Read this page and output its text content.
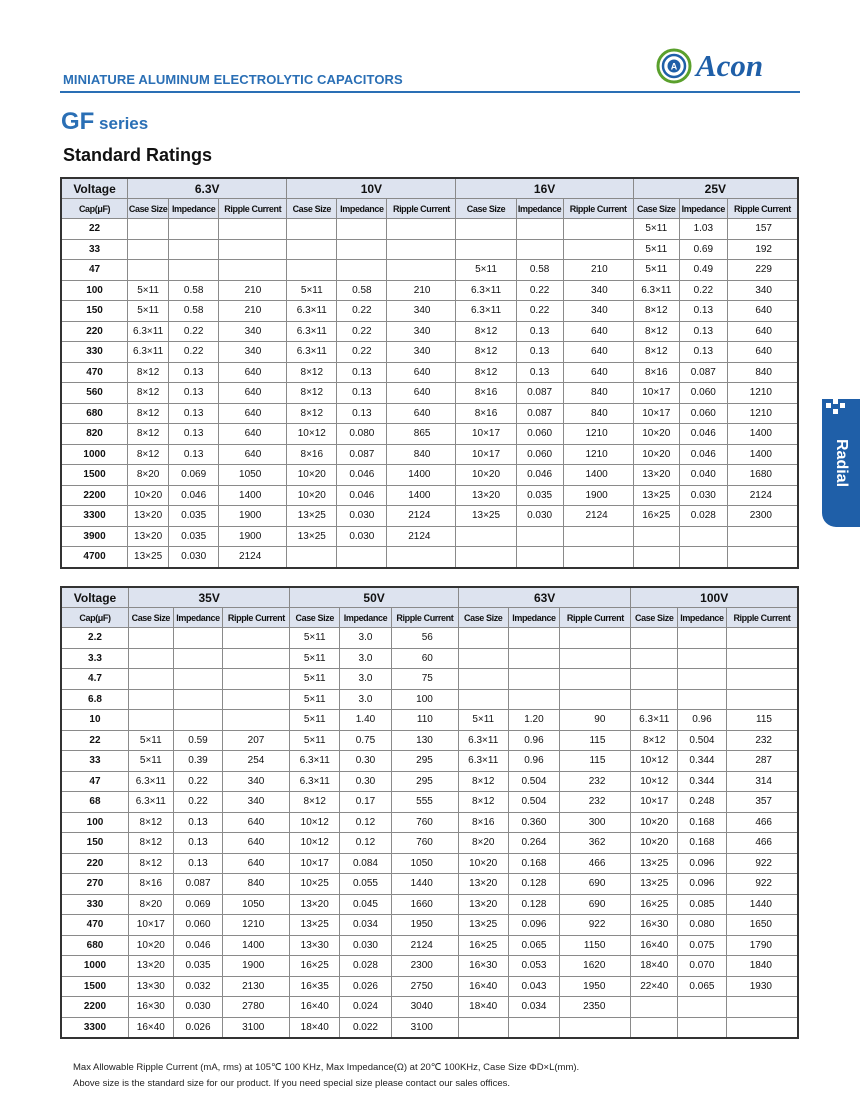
MINIATURE ALUMINUM ELECTROLYTIC CAPACITORS
A Acon
GF series
Standard Ratings
Voltage	6.3V			10V			16V			25V		
Cap(μF)	Case Size	Impedance	Ripple Current	Case Size	Impedance	Ripple Current	Case Size	Impedance	Ripple Current	Case Size	Impedance	Ripple Current
22										5×11	1.03	157
33										5×11	0.69	192
47							5×11	0.58	210	5×11	0.49	229
100	5×11	0.58	210	5×11	0.58	210	6.3×11	0.22	340	6.3×11	0.22	340
150	5×11	0.58	210	6.3×11	0.22	340	6.3×11	0.22	340	8×12	0.13	640
220	6.3×11	0.22	340	6.3×11	0.22	340	8×12	0.13	640	8×12	0.13	640
330	6.3×11	0.22	340	6.3×11	0.22	340	8×12	0.13	640	8×12	0.13	640
470	8×12	0.13	640	8×12	0.13	640	8×12	0.13	640	8×16	0.087	840
560	8×12	0.13	640	8×12	0.13	640	8×16	0.087	840	10×17	0.060	1210
680	8×12	0.13	640	8×12	0.13	640	8×16	0.087	840	10×17	0.060	1210
820	8×12	0.13	640	10×12	0.080	865	10×17	0.060	1210	10×20	0.046	1400
1000	8×12	0.13	640	8×16	0.087	840	10×17	0.060	1210	10×20	0.046	1400
1500	8×20	0.069	1050	10×20	0.046	1400	10×20	0.046	1400	13×20	0.040	1680
2200	10×20	0.046	1400	10×20	0.046	1400	13×20	0.035	1900	13×25	0.030	2124
3300	13×20	0.035	1900	13×25	0.030	2124	13×25	0.030	2124	16×25	0.028	2300
3900	13×20	0.035	1900	13×25	0.030	2124						
4700	13×25	0.030	2124									
Voltage	35V			50V			63V			100V		
Cap(μF)	Case Size	Impedance	Ripple Current	Case Size	Impedance	Ripple Current	Case Size	Impedance	Ripple Current	Case Size	Impedance	Ripple Current
2.2				5×11	3.0	56						
3.3				5×11	3.0	60						
4.7				5×11	3.0	75						
6.8				5×11	3.0	100						
10				5×11	1.40	110	5×11	1.20	90	6.3×11	0.96	115
22	5×11	0.59	207	5×11	0.75	130	6.3×11	0.96	115	8×12	0.504	232
33	5×11	0.39	254	6.3×11	0.30	295	6.3×11	0.96	115	10×12	0.344	287
47	6.3×11	0.22	340	6.3×11	0.30	295	8×12	0.504	232	10×12	0.344	314
68	6.3×11	0.22	340	8×12	0.17	555	8×12	0.504	232	10×17	0.248	357
100	8×12	0.13	640	10×12	0.12	760	8×16	0.360	300	10×20	0.168	466
150	8×12	0.13	640	10×12	0.12	760	8×20	0.264	362	10×20	0.168	466
220	8×12	0.13	640	10×17	0.084	1050	10×20	0.168	466	13×25	0.096	922
270	8×16	0.087	840	10×25	0.055	1440	13×20	0.128	690	13×25	0.096	922
330	8×20	0.069	1050	13×20	0.045	1660	13×20	0.128	690	16×25	0.085	1440
470	10×17	0.060	1210	13×25	0.034	1950	13×25	0.096	922	16×30	0.080	1650
680	10×20	0.046	1400	13×30	0.030	2124	16×25	0.065	1150	16×40	0.075	1790
1000	13×20	0.035	1900	16×25	0.028	2300	16×30	0.053	1620	18×40	0.070	1840
1500	13×30	0.032	2130	16×35	0.026	2750	16×40	0.043	1950	22×40	0.065	1930
2200	16×30	0.030	2780	16×40	0.024	3040	18×40	0.034	2350			
3300	16×40	0.026	3100	18×40	0.022	3100						
Radial
Max Allowable Ripple Current (mA, rms) at 105℃ 100 KHz, Max Impedance(Ω) at 20℃ 100KHz, Case Size ΦD×L(mm).
Above size is the standard size for our product. If you need special size please contact our sales offices.
